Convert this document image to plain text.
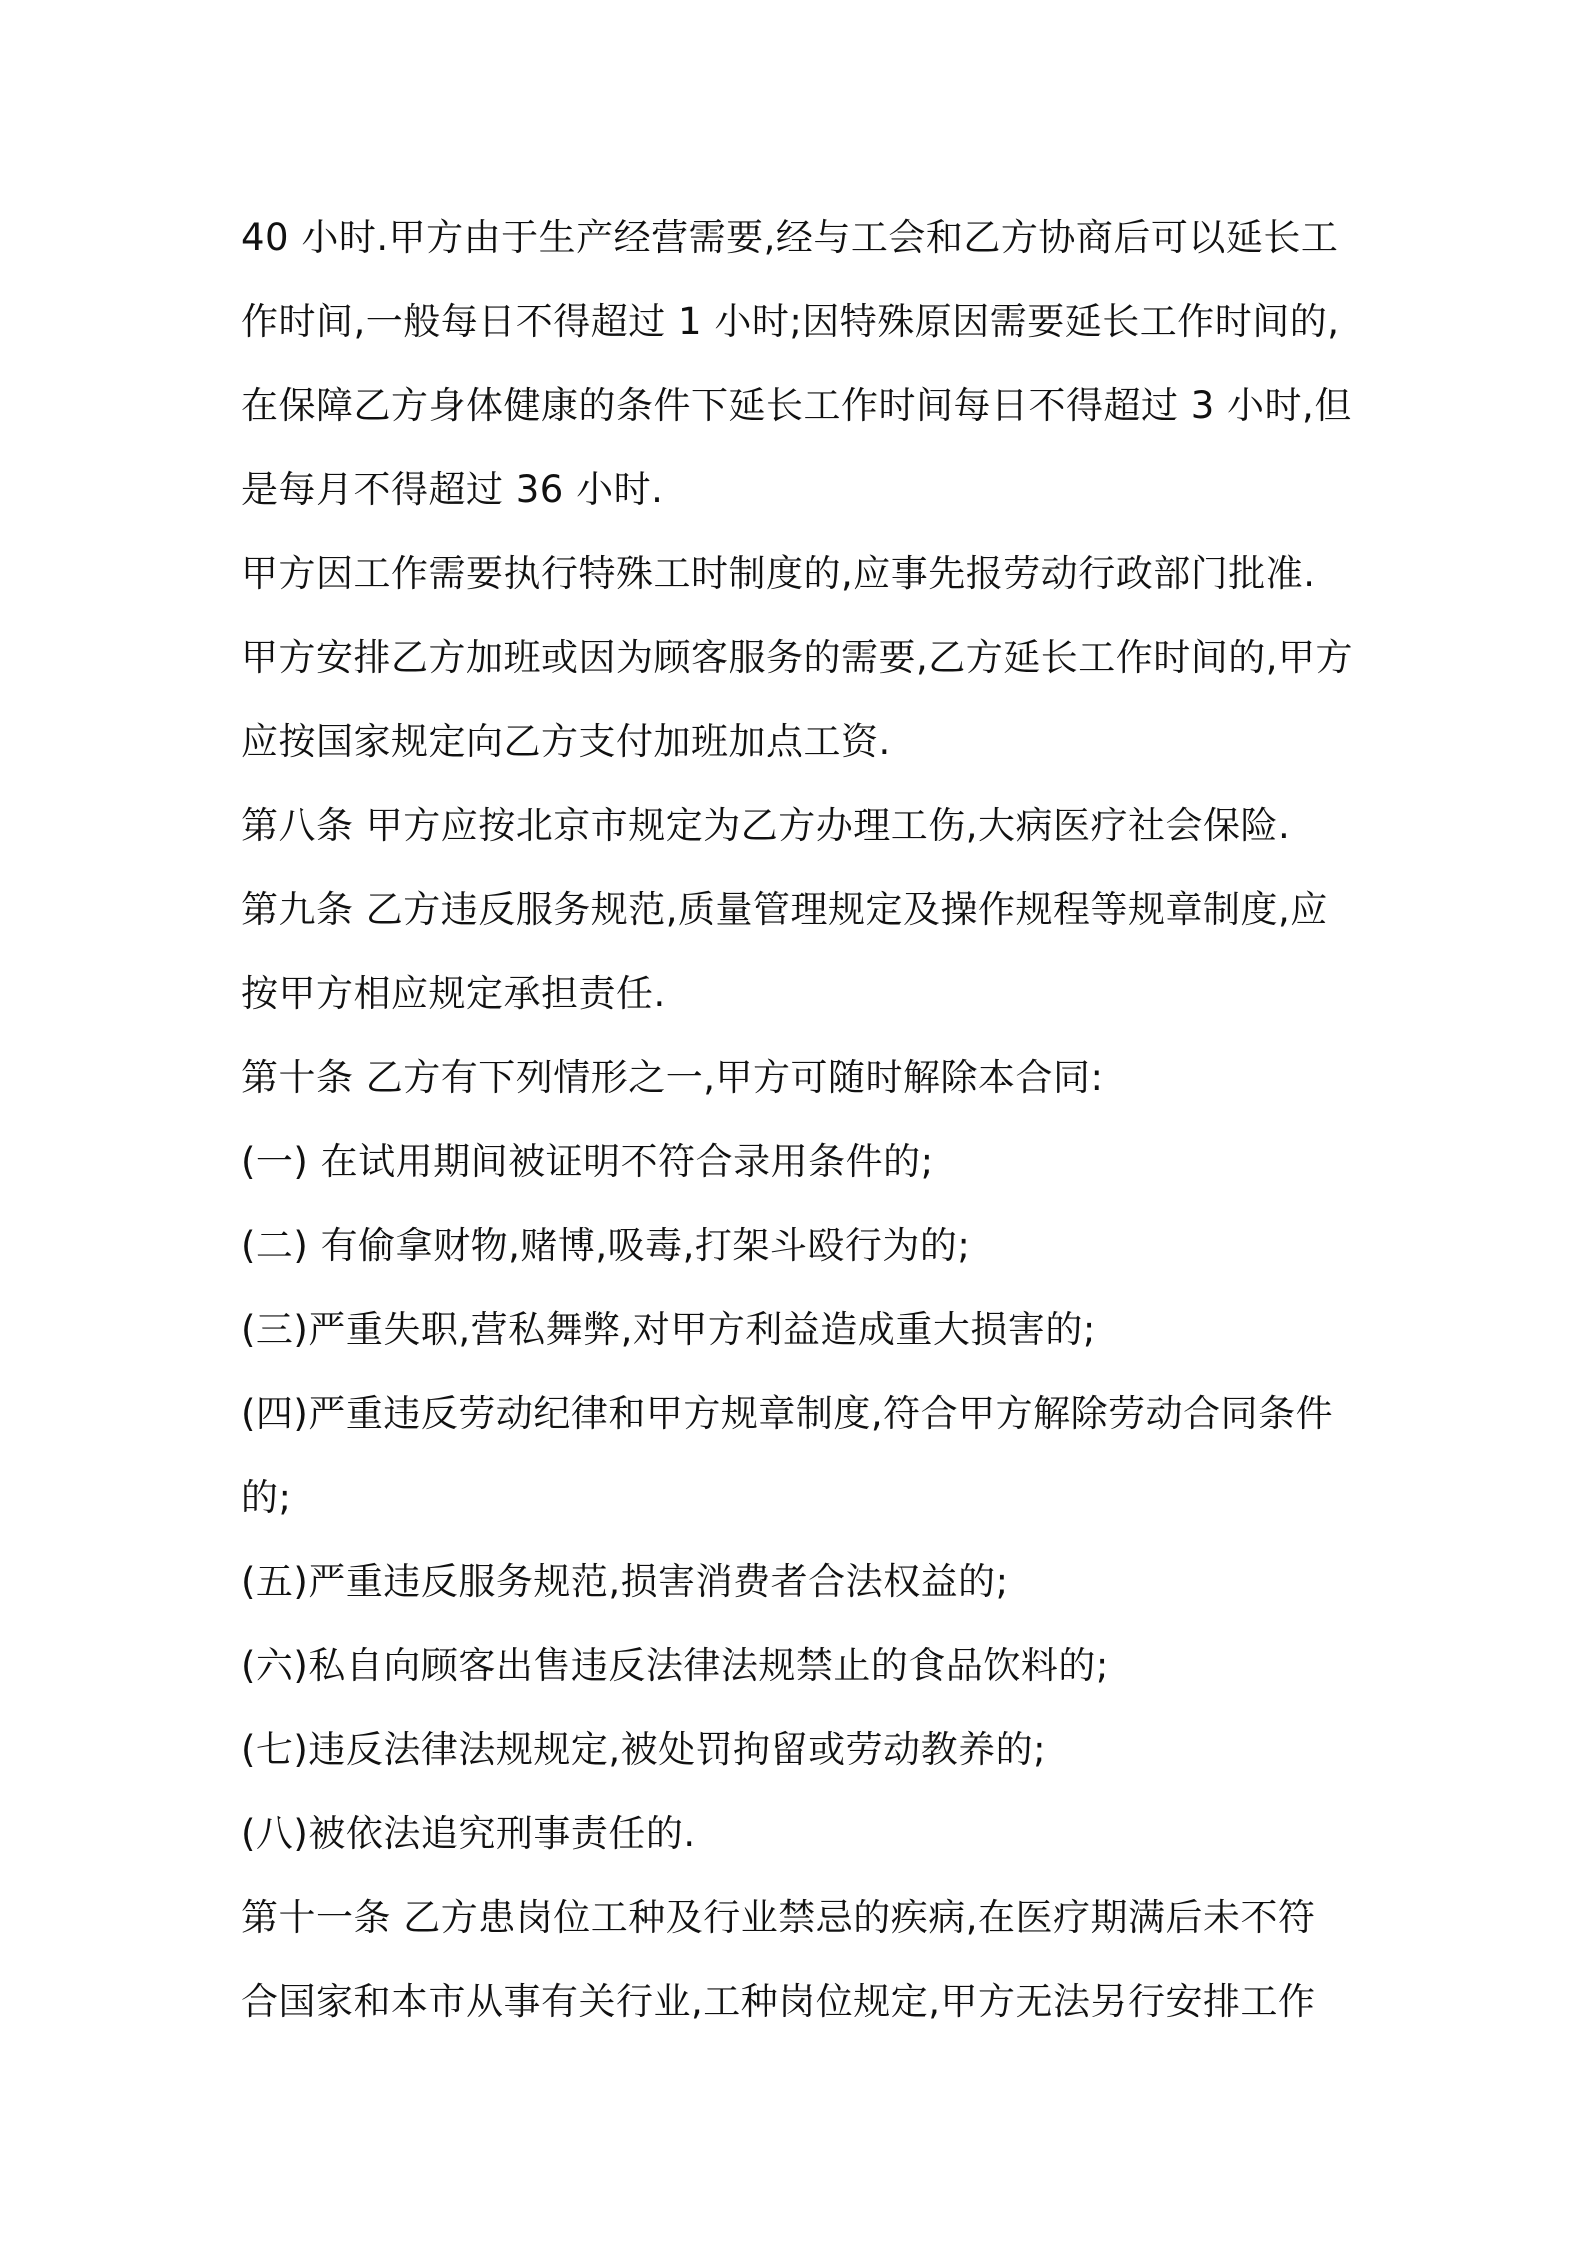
40 小时.甲方由于生产经营需要,经与工会和乙方协商后可以延长工
作时间,一般每日不得超过 1 小时;因特殊原因需要延长工作时间的,
在保障乙方身体健康的条件下延长工作时间每日不得超过 3 小时,但
是每月不得超过 36 小时.
甲方因工作需要执行特殊工时制度的,应事先报劳动行政部门批准.
甲方安排乙方加班或因为顾客服务的需要,乙方延长工作时间的,甲方
应按国家规定向乙方支付加班加点工资.
第八条 甲方应按北京市规定为乙方办理工伤,大病医疗社会保险.
第九条 乙方违反服务规范,质量管理规定及操作规程等规章制度,应
按甲方相应规定承担责任.
第十条 乙方有下列情形之一,甲方可随时解除本合同:
(一) 在试用期间被证明不符合录用条件的;
(二) 有偷拿财物,赌博,吸毒,打架斗殴行为的;
(三)严重失职,营私舞弊,对甲方利益造成重大损害的;
(四)严重违反劳动纪律和甲方规章制度,符合甲方解除劳动合同条件
的;
(五)严重违反服务规范,损害消费者合法权益的;
(六)私自向顾客出售违反法律法规禁止的食品饮料的;
(七)违反法律法规规定,被处罚拘留或劳动教养的;
(八)被依法追究刑事责任的.
第十一条 乙方患岗位工种及行业禁忌的疾病,在医疗期满后未不符
合国家和本市从事有关行业,工种岗位规定,甲方无法另行安排工作
